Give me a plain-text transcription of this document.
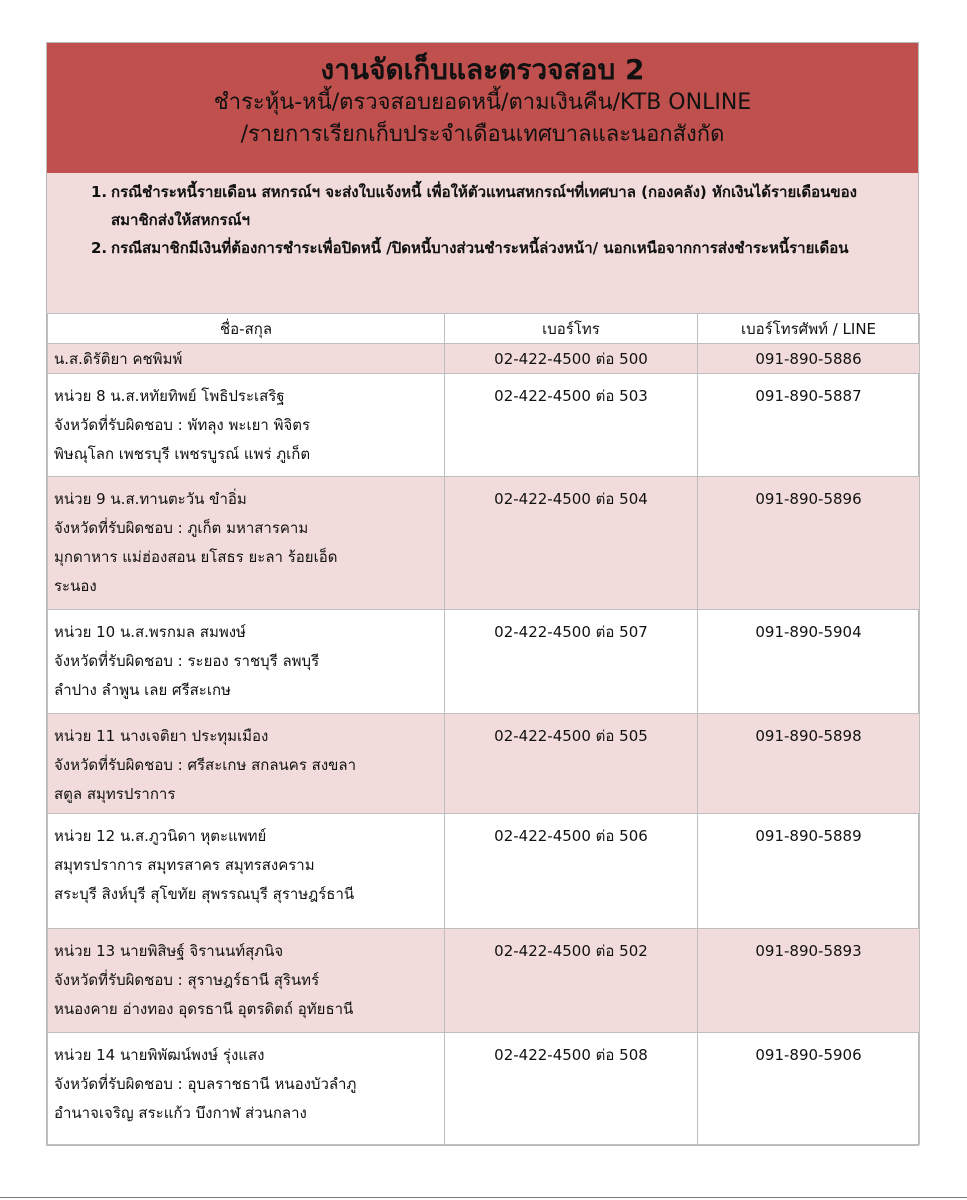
งานจัดเก็บและตรวจสอบ 2
ชำระหุ้น-หนี้/ตรวจสอบยอดหนี้/ตามเงินคืน/KTB ONLINE
/รายการเรียกเก็บประจำเดือนเทศบาลและนอกสังกัด
1. กรณีชำระหนี้รายเดือน สหกรณ์ฯ จะส่งใบแจ้งหนี้ เพื่อให้ตัวแทนสหกรณ์ฯที่เทศบาล (กองคลัง) หักเงินได้รายเดือนของสมาชิกส่งให้สหกรณ์ฯ
2. กรณีสมาชิกมีเงินที่ต้องการชำระเพื่อปิดหนี้ /ปิดหนี้บางส่วนชำระหนี้ล่วงหน้า/ นอกเหนือจากการส่งชำระหนี้รายเดือน
ชื่อ-สกุล	เบอร์โทร	เบอร์โทรศัพท์ / LINE

น.ส.ดิรัติยา คชพิมพ์	02-422-4500 ต่อ 500	091-890-5886

หน่วย 8 น.ส.หทัยทิพย์ โพธิประเสริฐ
จังหวัดที่รับผิดชอบ : พัทลุง พะเยา พิจิตร
พิษณุโลก เพชรบุรี เพชรบูรณ์ แพร่ ภูเก็ต	02-422-4500 ต่อ 503	091-890-5887

หน่วย 9 น.ส.ทานตะวัน ขำอิ่ม
จังหวัดที่รับผิดชอบ : ภูเก็ต มหาสารคาม
มุกดาหาร แม่ฮ่องสอน ยโสธร ยะลา ร้อยเอ็ด
ระนอง	02-422-4500 ต่อ 504	091-890-5896

หน่วย 10 น.ส.พรกมล สมพงษ์
จังหวัดที่รับผิดชอบ : ระยอง ราชบุรี ลพบุรี
ลำปาง ลำพูน เลย ศรีสะเกษ	02-422-4500 ต่อ 507	091-890-5904

หน่วย 11 นางเจติยา ประทุมเมือง
จังหวัดที่รับผิดชอบ : ศรีสะเกษ สกลนคร สงขลา
สตูล สมุทรปราการ	02-422-4500 ต่อ 505	091-890-5898

หน่วย 12 น.ส.ภูวนิดา หุตะแพทย์
สมุทรปราการ สมุทรสาคร สมุทรสงคราม
สระบุรี สิงห์บุรี สุโขทัย สุพรรณบุรี สุราษฎร์ธานี	02-422-4500 ต่อ 506	091-890-5889

หน่วย 13 นายพิสิษฐ์ จิรานนท์สุภนิจ
จังหวัดที่รับผิดชอบ : สุราษฎร์ธานี สุรินทร์
หนองคาย อ่างทอง อุดรธานี อุตรดิตถ์ อุทัยธานี	02-422-4500 ต่อ 502	091-890-5893

หน่วย 14 นายพิพัฒน์พงษ์ รุ่งแสง
จังหวัดที่รับผิดชอบ : อุบลราชธานี หนองบัวลำภู
อำนาจเจริญ สระแก้ว บึงกาฬ ส่วนกลาง	02-422-4500 ต่อ 508	091-890-5906
